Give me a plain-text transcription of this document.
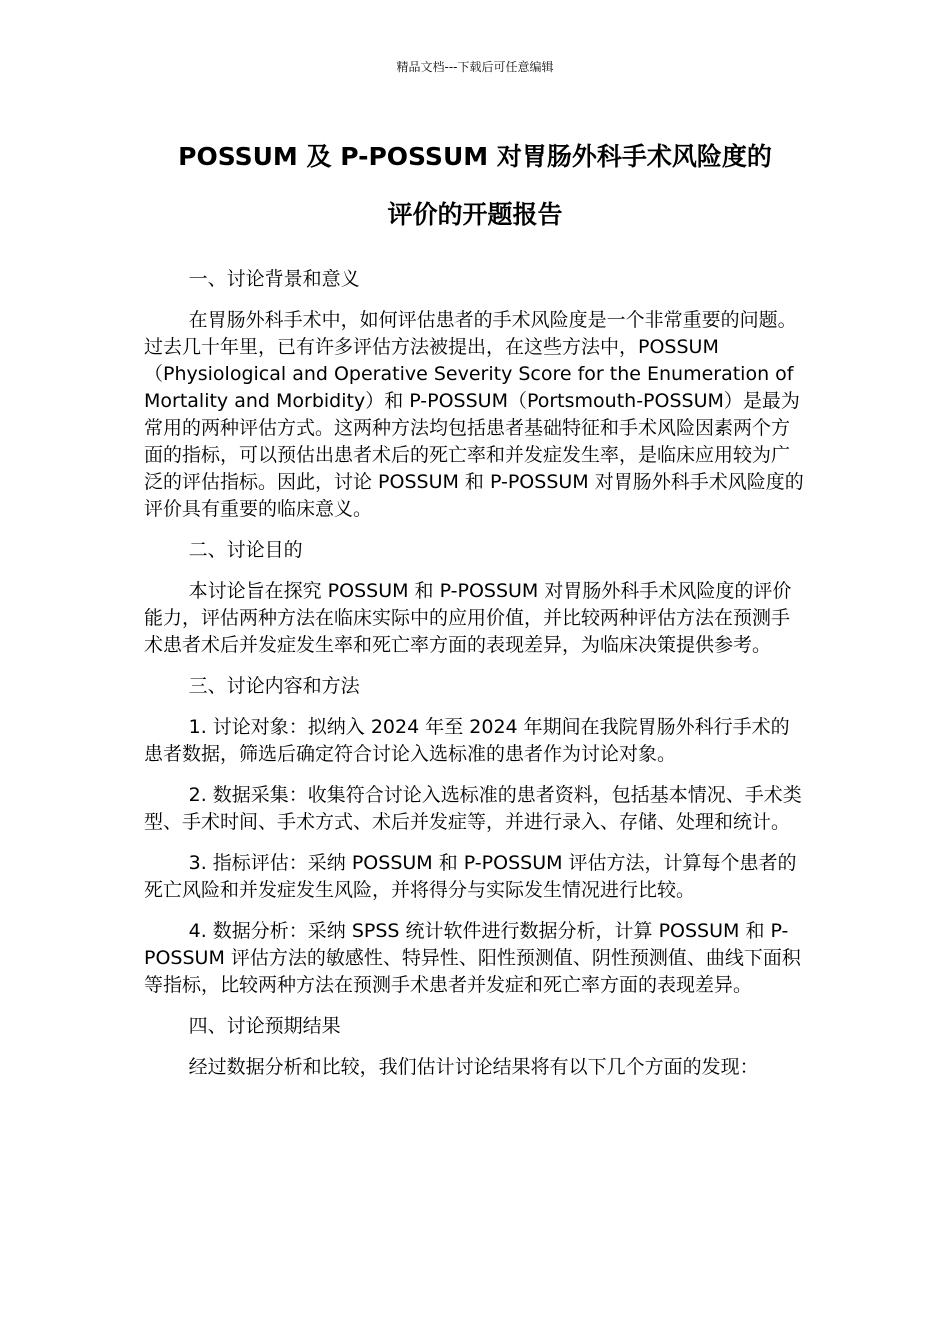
精品文档---下载后可任意编辑
POSSUM 及 P-POSSUM 对胃肠外科手术风险度的
评价的开题报告

一、讨论背景和意义

在胃肠外科手术中，如何评估患者的手术风险度是一个非常重要的问题。过去几十年里，已有许多评估方法被提出，在这些方法中，POSSUM（Physiological and Operative Severity Score for the Enumeration of Mortality and Morbidity）和 P-POSSUM（Portsmouth-POSSUM）是最为常用的两种评估方式。这两种方法均包括患者基础特征和手术风险因素两个方面的指标，可以预估出患者术后的死亡率和并发症发生率，是临床应用较为广泛的评估指标。因此，讨论 POSSUM 和 P-POSSUM 对胃肠外科手术风险度的评价具有重要的临床意义。

二、讨论目的

本讨论旨在探究 POSSUM 和 P-POSSUM 对胃肠外科手术风险度的评价能力，评估两种方法在临床实际中的应用价值，并比较两种评估方法在预测手术患者术后并发症发生率和死亡率方面的表现差异，为临床决策提供参考。

三、讨论内容和方法

1. 讨论对象：拟纳入 2024 年至 2024 年期间在我院胃肠外科行手术的患者数据，筛选后确定符合讨论入选标准的患者作为讨论对象。

2. 数据采集：收集符合讨论入选标准的患者资料，包括基本情况、手术类型、手术时间、手术方式、术后并发症等，并进行录入、存储、处理和统计。

3. 指标评估：采纳 POSSUM 和 P-POSSUM 评估方法，计算每个患者的死亡风险和并发症发生风险，并将得分与实际发生情况进行比较。

4. 数据分析：采纳 SPSS 统计软件进行数据分析，计算 POSSUM 和 P-POSSUM 评估方法的敏感性、特异性、阳性预测值、阴性预测值、曲线下面积等指标，比较两种方法在预测手术患者并发症和死亡率方面的表现差异。

四、讨论预期结果

经过数据分析和比较，我们估计讨论结果将有以下几个方面的发现：
